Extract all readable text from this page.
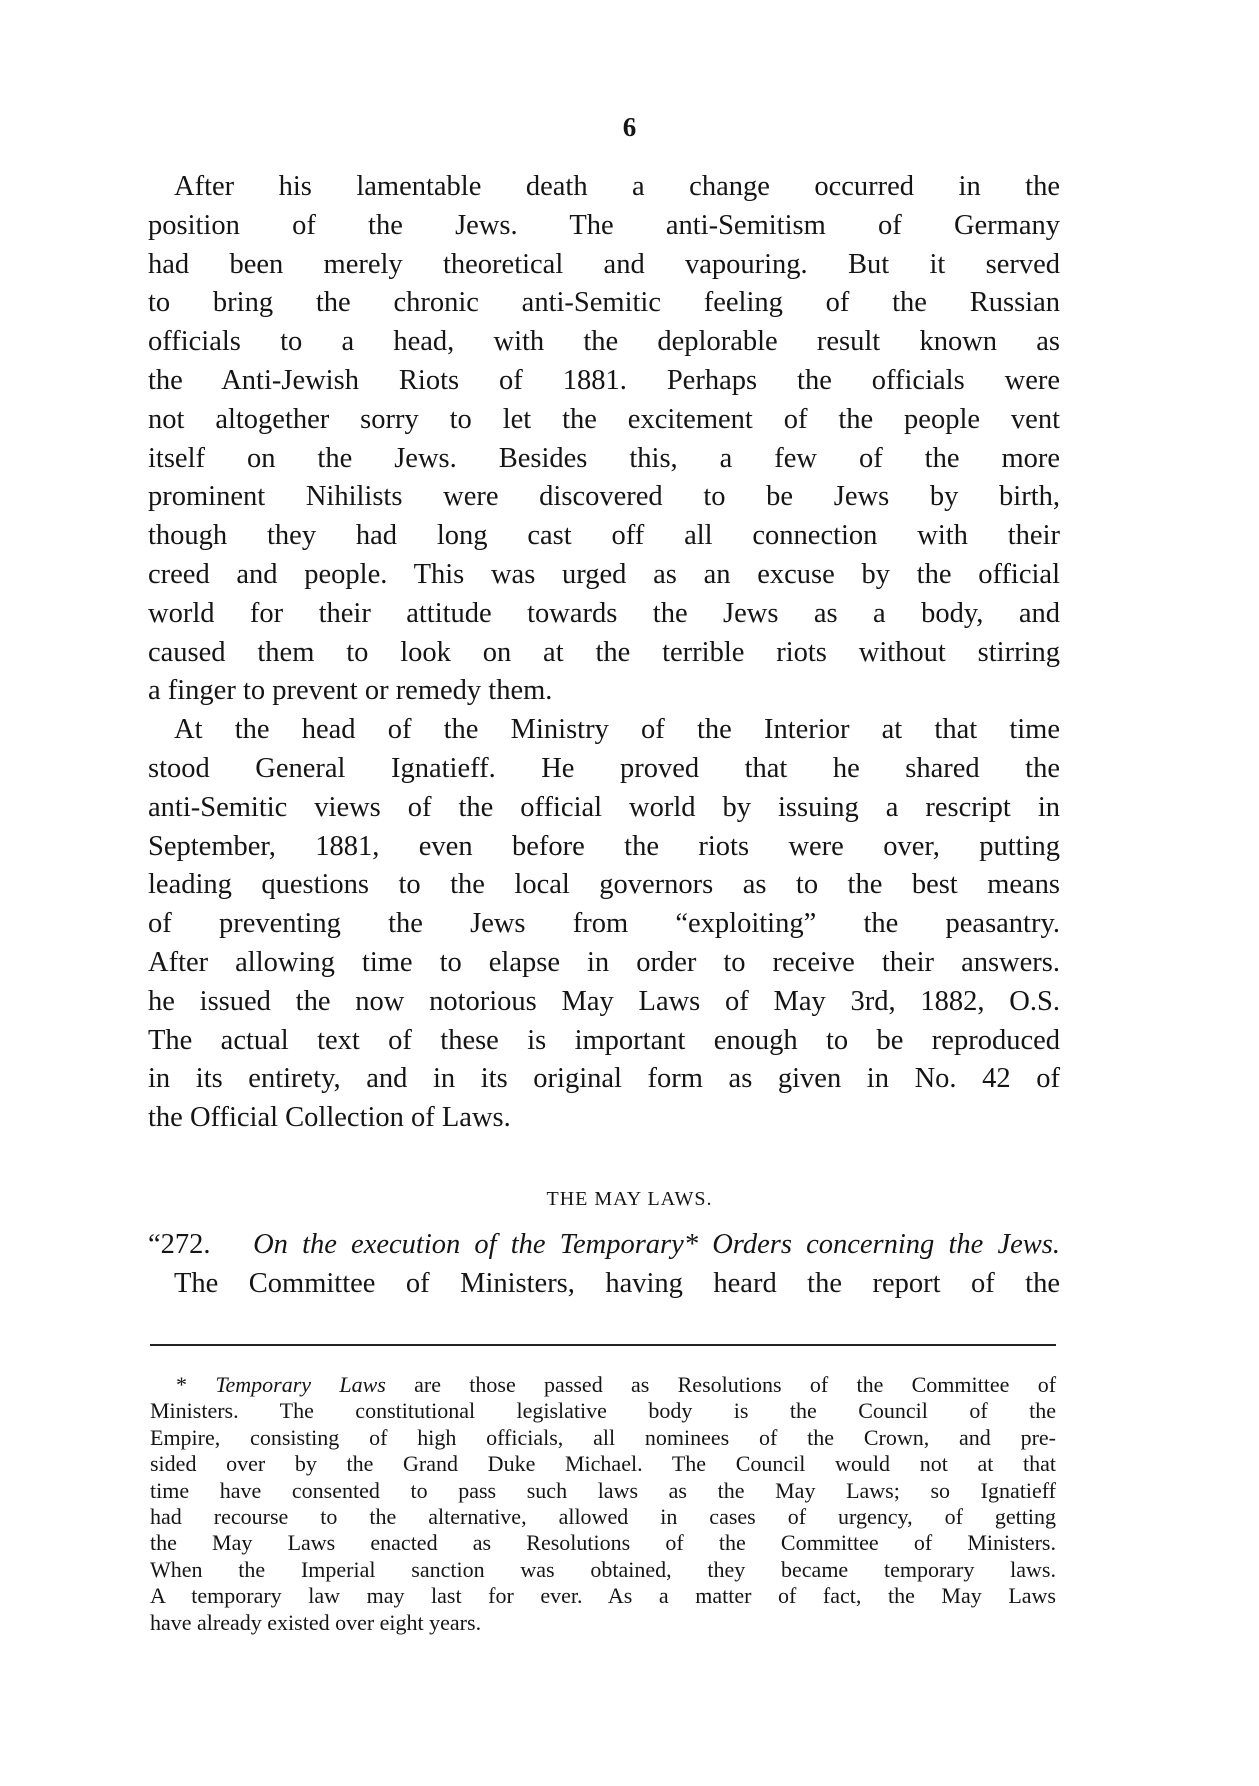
6
After his lamentable death a change occurred in the
position of the Jews. The anti-Semitism of Germany
had been merely theoretical and vapouring. But it served
to bring the chronic anti-Semitic feeling of the Russian
officials to a head, with the deplorable result known as
the Anti-Jewish Riots of 1881. Perhaps the officials were
not altogether sorry to let the excitement of the people vent
itself on the Jews. Besides this, a few of the more
prominent Nihilists were discovered to be Jews by birth,
though they had long cast off all connection with their
creed and people. This was urged as an excuse by the official
world for their attitude towards the Jews as a body, and
caused them to look on at the terrible riots without stirring
a finger to prevent or remedy them.
At the head of the Ministry of the Interior at that time
stood General Ignatieff. He proved that he shared the
anti-Semitic views of the official world by issuing a rescript in
September, 1881, even before the riots were over, putting
leading questions to the local governors as to the best means
of preventing the Jews from “exploiting” the peasantry.
After allowing time to elapse in order to receive their answers.
he issued the now notorious May Laws of May 3rd, 1882, O.S.
The actual text of these is important enough to be reproduced
in its entirety, and in its original form as given in No. 42 of
the Official Collection of Laws.
THE MAY LAWS.
“272. On the execution of the Temporary* Orders concerning the Jews.
The Committee of Ministers, having heard the report of the
* Temporary Laws are those passed as Resolutions of the Committee of
Ministers. The constitutional legislative body is the Council of the
Empire, consisting of high officials, all nominees of the Crown, and pre-
sided over by the Grand Duke Michael. The Council would not at that
time have consented to pass such laws as the May Laws; so Ignatieff
had recourse to the alternative, allowed in cases of urgency, of getting
the May Laws enacted as Resolutions of the Committee of Ministers.
When the Imperial sanction was obtained, they became temporary laws.
A temporary law may last for ever. As a matter of fact, the May Laws
have already existed over eight years.
